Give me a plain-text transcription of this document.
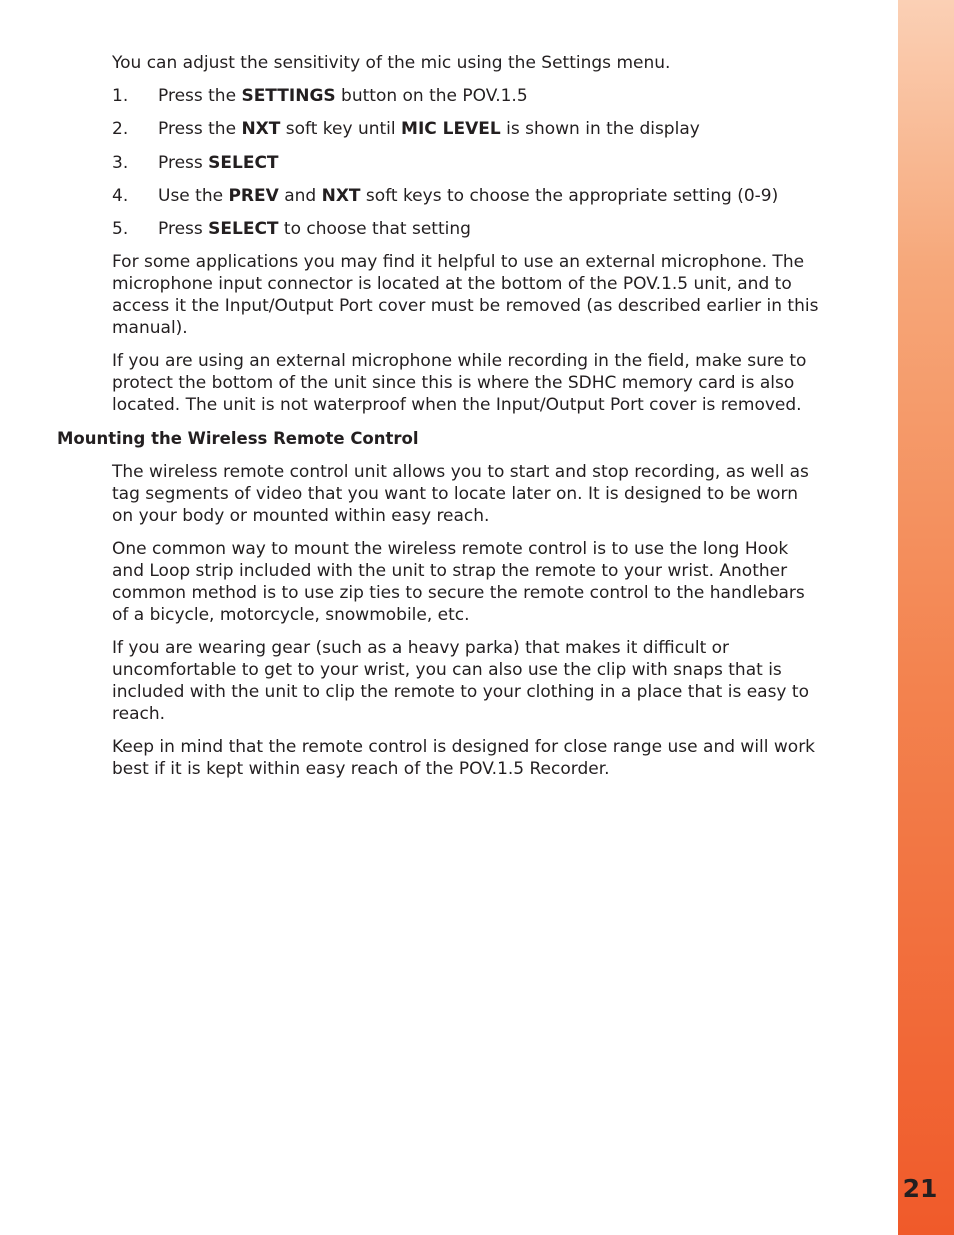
You can adjust the sensitivity of the mic using the Settings menu.

1. Press the SETTINGS button on the POV.1.5
2. Press the NXT soft key until MIC LEVEL is shown in the display
3. Press SELECT
4. Use the PREV and NXT soft keys to choose the appropriate setting (0-9)
5. Press SELECT to choose that setting
For some applications you may find it helpful to use an external microphone. The
microphone input connector is located at the bottom of the POV.1.5 unit, and to
access it the Input/Output Port cover must be removed (as described earlier in this
manual).
If you are using an external microphone while recording in the field, make sure to
protect the bottom of the unit since this is where the SDHC memory card is also
located. The unit is not waterproof when the Input/Output Port cover is removed.
Mounting the Wireless Remote Control
The wireless remote control unit allows you to start and stop recording, as well as
tag segments of video that you want to locate later on. It is designed to be worn
on your body or mounted within easy reach.
One common way to mount the wireless remote control is to use the long Hook
and Loop strip included with the unit to strap the remote to your wrist. Another
common method is to use zip ties to secure the remote control to the handlebars
of a bicycle, motorcycle, snowmobile, etc.
If you are wearing gear (such as a heavy parka) that makes it difficult or
uncomfortable to get to your wrist, you can also use the clip with snaps that is
included with the unit to clip the remote to your clothing in a place that is easy to
reach.
Keep in mind that the remote control is designed for close range use and will work
best if it is kept within easy reach of the POV.1.5 Recorder.
21
